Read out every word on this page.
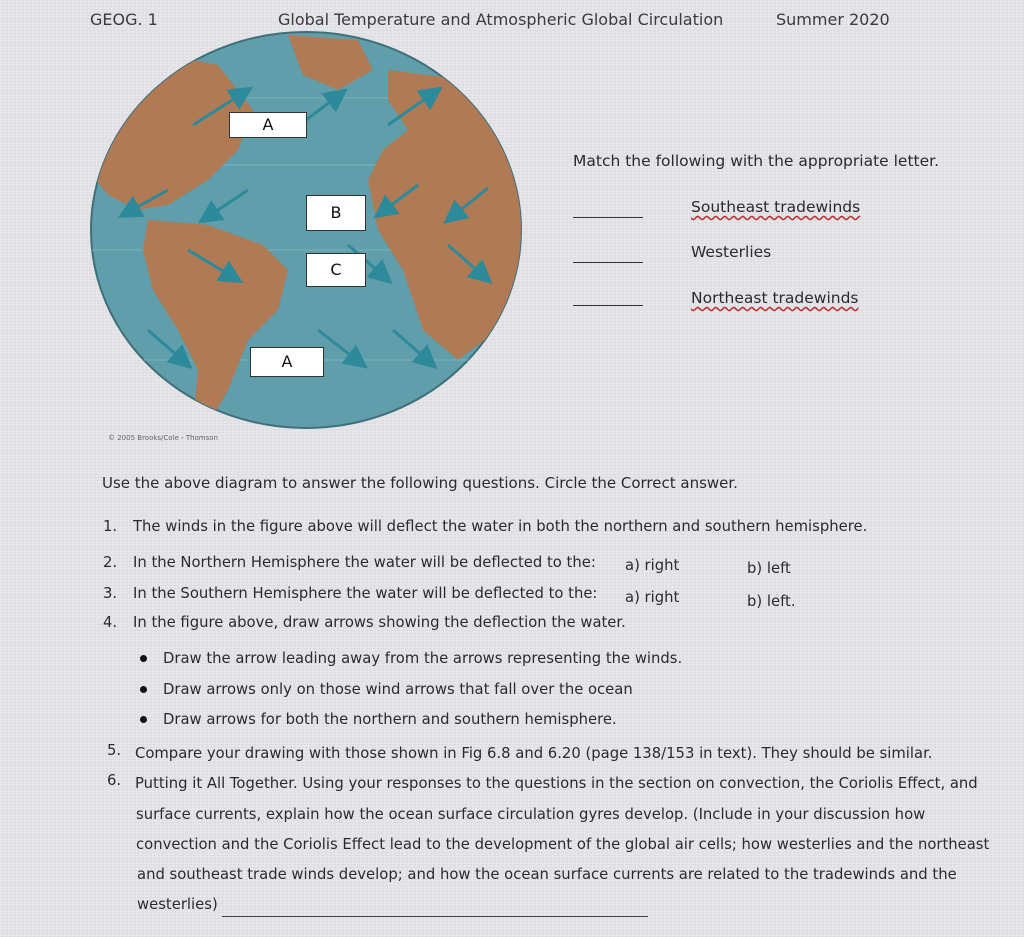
GEOG. 1	Global Temperature and Atmospheric Global Circulation	Summer 2020
A
B
C
A
© 2005 Brooks/Cole - Thomson
Match the following with the appropriate letter.
Southeast tradewinds
Westerlies
Northeast tradewinds
Use the above diagram to answer the following questions. Circle the Correct answer.
1. The winds in the figure above will deflect the water in both the northern and southern hemisphere.
2. In the Northern Hemisphere the water will be deflected to the: a) right	b) left
3. In the Southern Hemisphere the water will be deflected to the: a) right	b) left.
4. In the figure above, draw arrows showing the deflection the water.
Draw the arrow leading away from the arrows representing the winds.
Draw arrows only on those wind arrows that fall over the ocean
Draw arrows for both the northern and southern hemisphere.
5. Compare your drawing with those shown in Fig 6.8 and 6.20 (page 138/153 in text). They should be similar.
6. Putting it All Together. Using your responses to the questions in the section on convection, the Coriolis Effect, and
surface currents, explain how the ocean surface circulation gyres develop. (Include in your discussion how
convection and the Coriolis Effect lead to the development of the global air cells; how westerlies and the northeast
and southeast trade winds develop; and how the ocean surface currents are related to the tradewinds and the
westerlies)
